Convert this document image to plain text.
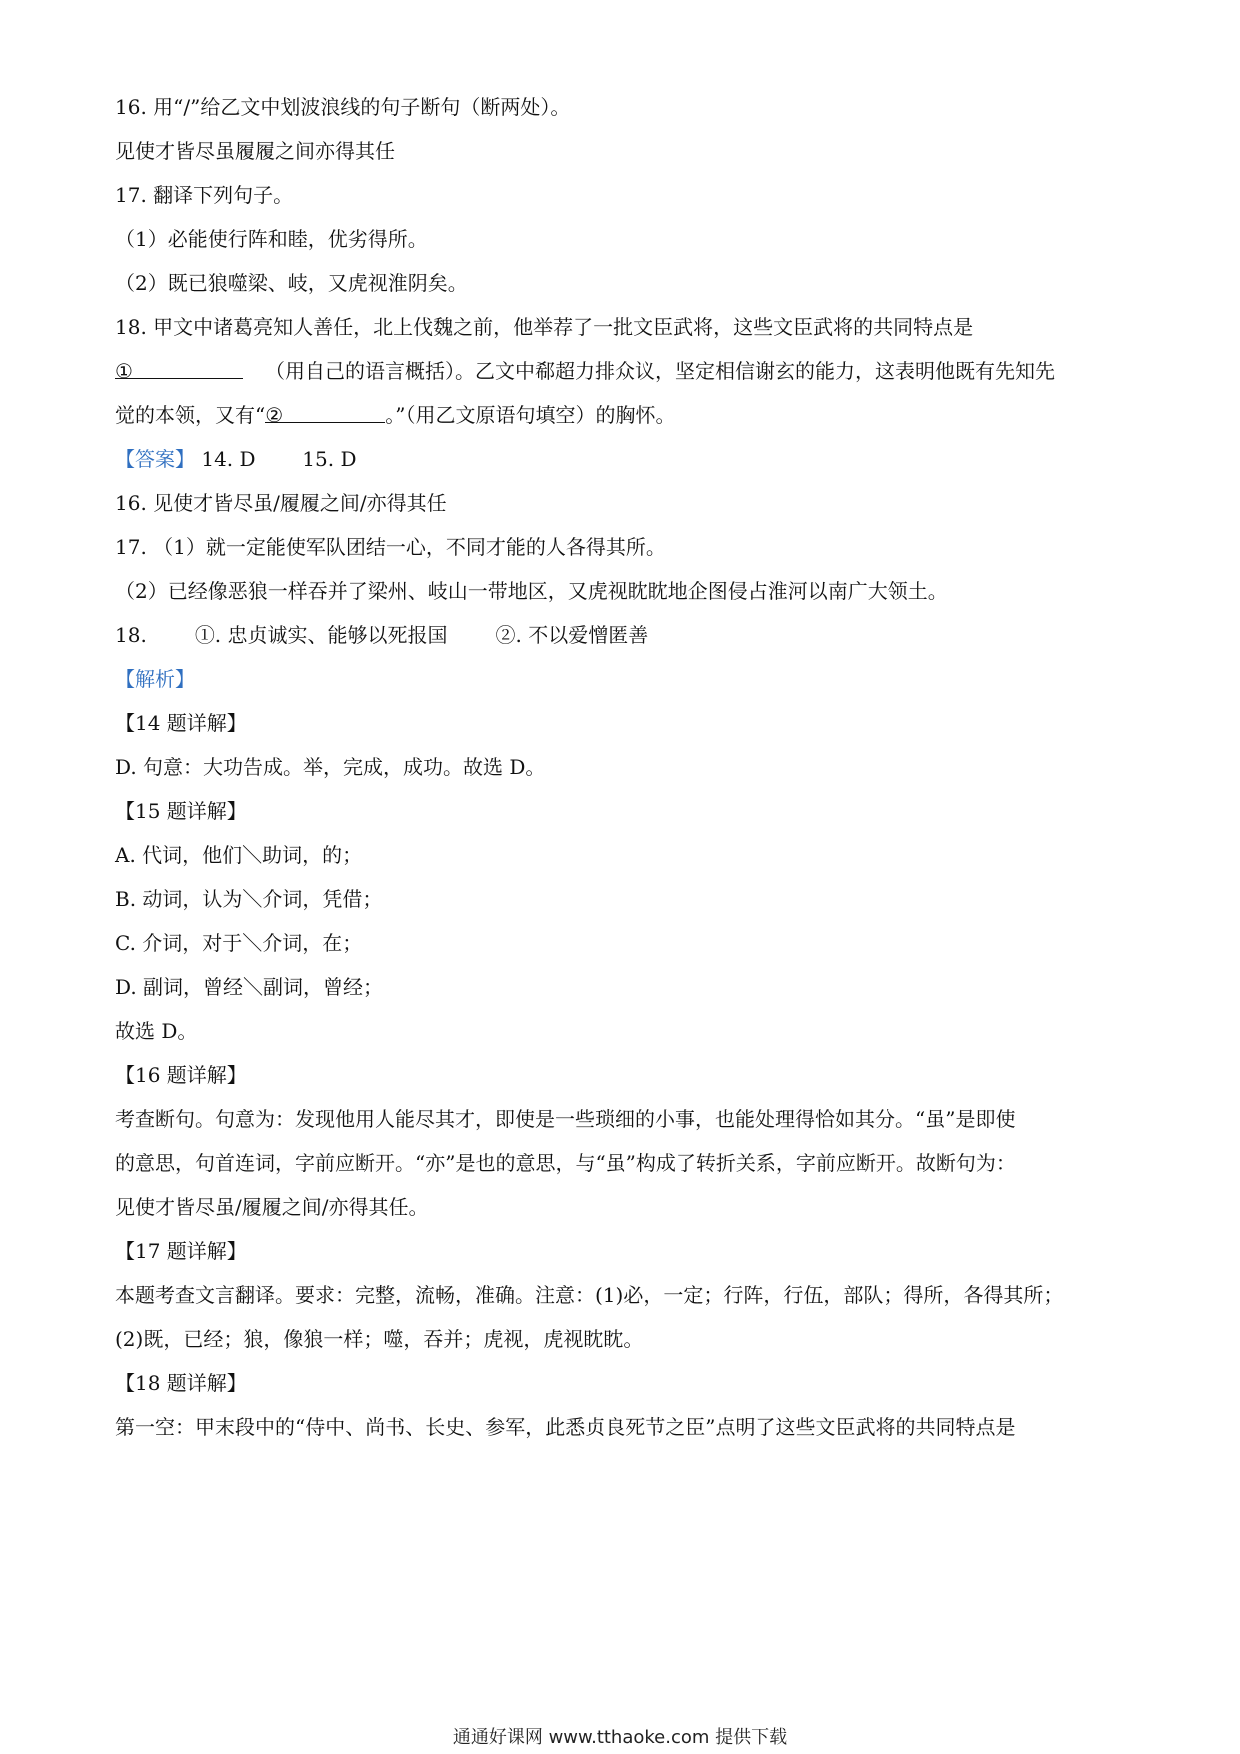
16. 用“/”给乙文中划波浪线的句子断句（断两处）。
见使才皆尽虽履履之间亦得其任
17. 翻译下列句子。
（1）必能使行阵和睦，优劣得所。
（2）既已狼噬梁、岐，又虎视淮阴矣。
18. 甲文中诸葛亮知人善任，北上伐魏之前，他举荐了一批文臣武将，这些文臣武将的共同特点是
①	（用自己的语言概括）。乙文中郗超力排众议，坚定相信谢玄的能力，这表明他既有先知先
觉的本领，又有“②	。”（用乙文原语句填空）的胸怀。
【答案】 14. D 15. D
16. 见使才皆尽虽/履履之间/亦得其任
17. （1）就一定能使军队团结一心，不同才能的人各得其所。
（2）已经像恶狼一样吞并了梁州、岐山一带地区，又虎视眈眈地企图侵占淮河以南广大领土。
18. ①. 忠贞诚实、能够以死报国 ②. 不以爱憎匿善
【解析】
【14 题详解】
D. 句意：大功告成。举，完成，成功。故选 D。
【15 题详解】
A. 代词，他们＼助词，的；
B. 动词，认为＼介词，凭借；
C. 介词，对于＼介词，在；
D. 副词，曾经＼副词，曾经；
故选 D。
【16 题详解】
考查断句。句意为：发现他用人能尽其才，即使是一些琐细的小事，也能处理得恰如其分。“虽”是即使
的意思，句首连词，字前应断开。“亦”是也的意思，与“虽”构成了转折关系，字前应断开。故断句为：
见使才皆尽虽/履履之间/亦得其任。
【17 题详解】
本题考查文言翻译。要求：完整，流畅，准确。注意：(1)必，一定；行阵，行伍，部队；得所，各得其所；
(2)既，已经；狼，像狼一样；噬，吞并；虎视，虎视眈眈。
【18 题详解】
第一空：甲末段中的“侍中、尚书、长史、参军，此悉贞良死节之臣”点明了这些文臣武将的共同特点是
通通好课网 www.tthaoke.com 提供下载
